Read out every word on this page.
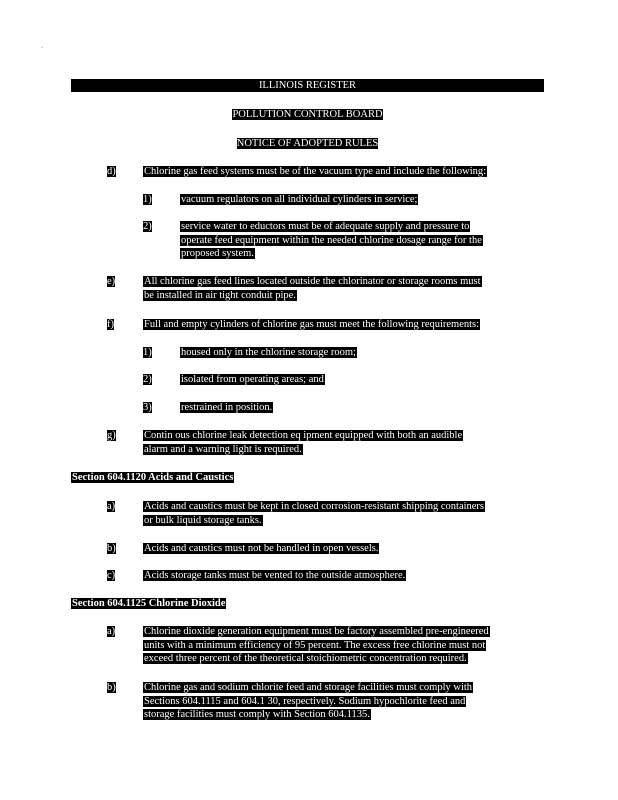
ILLINOIS REGISTER
POLLUTION CONTROL BOARD
NOTICE OF ADOPTED RULES
d)	Chlorine gas feed systems must be of the vacuum type and include the following:
1)	vacuum regulators on all individual cylinders in service;
2)	service water to eductors must be of adequate supply and pressure to
operate feed equipment within the needed chlorine dosage range for the
proposed system.
e)	All chlorine gas feed lines located outside the chlorinator or storage rooms must
be installed in air tight conduit pipe.
f)	Full and empty cylinders of chlorine gas must meet the following requirements:
1)	housed only in the chlorine storage room;
2)	isolated from operating areas; and
3)	restrained in position.
g)	Contin ous chlorine leak detection eq ipment equipped with both an audible
alarm and a warning light is required.
Section 604.1120 Acids and Caustics
a)	Acids and caustics must be kept in closed corrosion-resistant shipping containers
or bulk liquid storage tanks.
b)	Acids and caustics must not be handled in open vessels.
c)	Acids storage tanks must be vented to the outside atmosphere.
Section 604.1125 Chlorine Dioxide
a)	Chlorine dioxide generation equipment must be factory assembled pre-engineered
units with a minimum efficiency of 95 percent. The excess free chlorine must not
exceed three percent of the theoretical stoichiometric concentration required.
b)	Chlorine gas and sodium chlorite feed and storage facilities must comply with
Sections 604.1115 and 604.1 30, respectively. Sodium hypochlorite feed and
storage facilities must comply with Section 604.1135.
